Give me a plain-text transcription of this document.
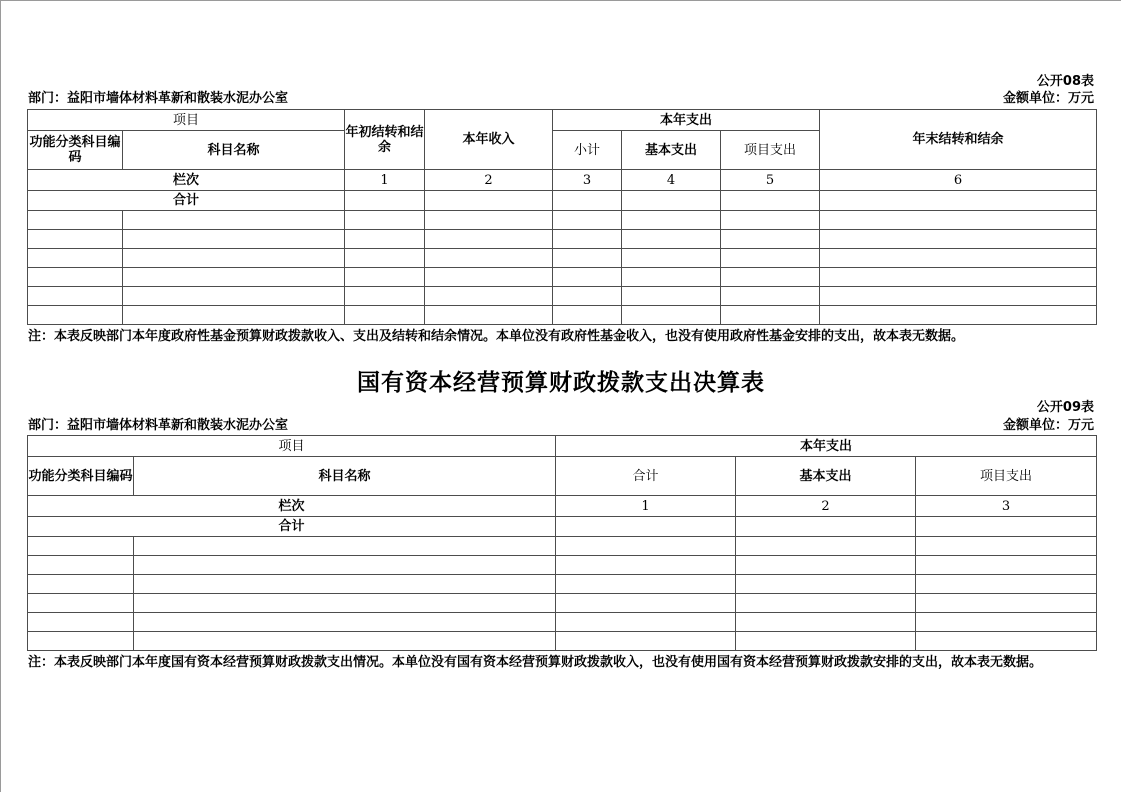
公开08表
部门：益阳市墙体材料革新和散装水泥办公室	金额单位：万元
项目		年初结转和结余	本年收入	本年支出			年末结转和结余
功能分类科目编码	科目名称			小计	基本支出	项目支出	
栏次		1	2	3	4	5	6
合计							

注：本表反映部门本年度政府性基金预算财政拨款收入、支出及结转和结余情况。本单位没有政府性基金收入，也没有使用政府性基金安排的支出，故本表无数据。
国有资本经营预算财政拨款支出决算表
公开09表
部门：益阳市墙体材料革新和散装水泥办公室	金额单位：万元
项目		本年支出		
功能分类科目编码	科目名称	合计	基本支出	项目支出
栏次		1	2	3
合计				

注：本表反映部门本年度国有资本经营预算财政拨款支出情况。本单位没有国有资本经营预算财政拨款收入，也没有使用国有资本经营预算财政拨款安排的支出，故本表无数据。
